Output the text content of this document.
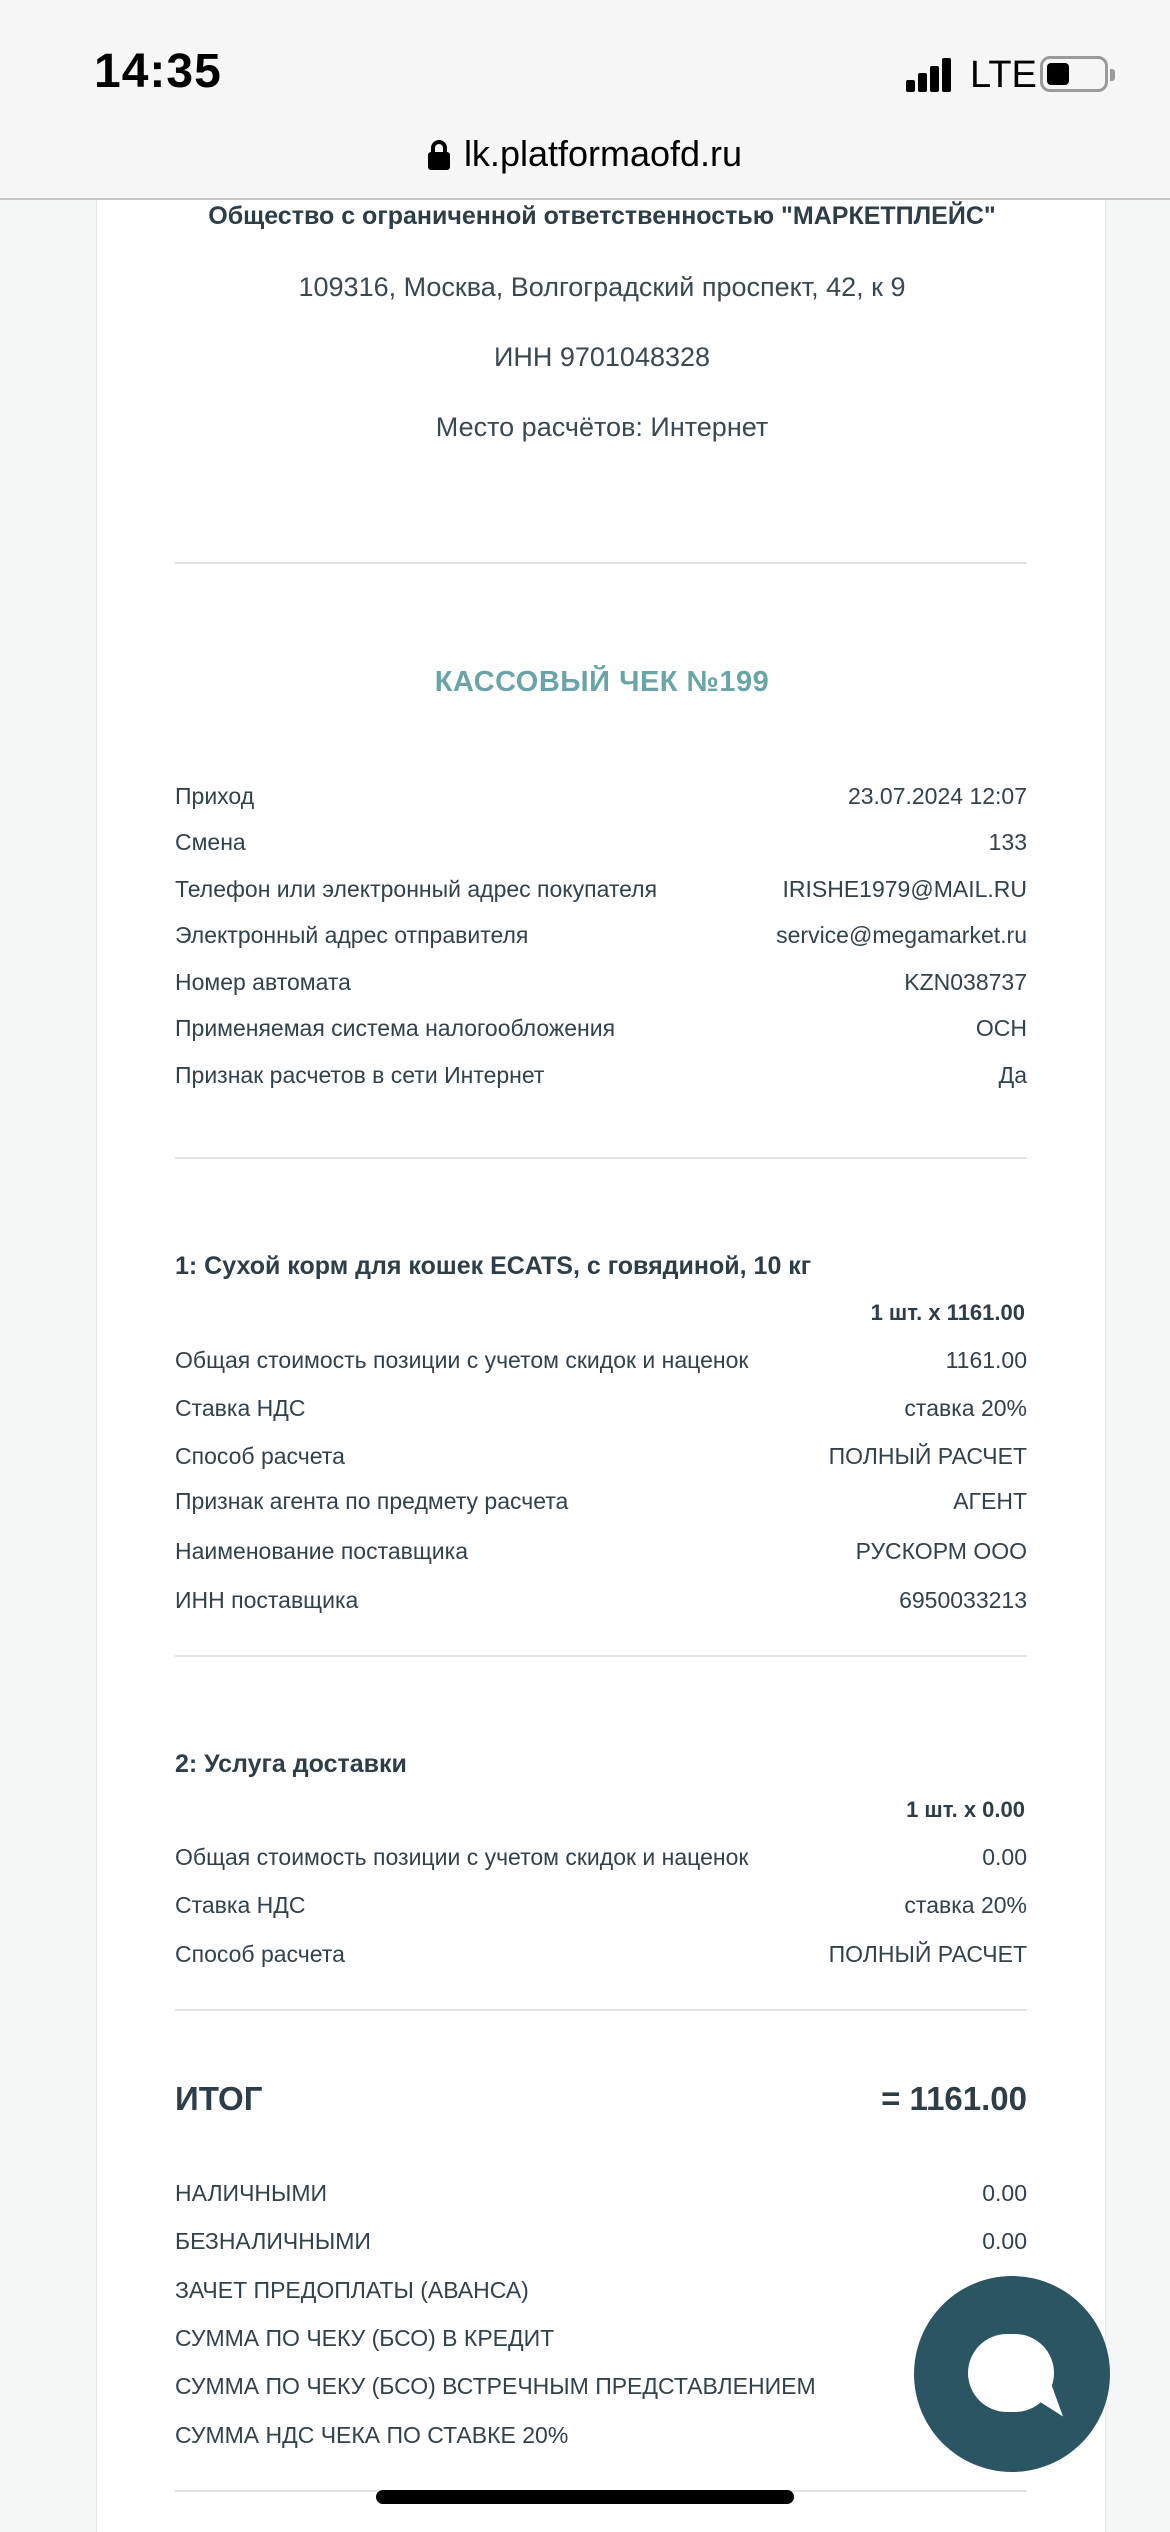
14:35	LTE
lk.platformaofd.ru
Общество с ограниченной ответственностью "МАРКЕТПЛЕЙС"
109316, Москва, Волгоградский проспект, 42, к 9
ИНН 9701048328
Место расчётов: Интернет
КАССОВЫЙ ЧЕК №199
Приход	23.07.2024 12:07
Смена	133
Телефон или электронный адрес покупателя	IRISHE1979@MAIL.RU
Электронный адрес отправителя	service@megamarket.ru
Номер автомата	KZN038737
Применяемая система налогообложения	ОСН
Признак расчетов в сети Интернет	Да
1: Сухой корм для кошек ECATS, с говядиной, 10 кг
1 шт. x 1161.00
Общая стоимость позиции с учетом скидок и наценок	1161.00
Ставка НДС	ставка 20%
Способ расчета	ПОЛНЫЙ РАСЧЕТ
Признак агента по предмету расчета	АГЕНТ
Наименование поставщика	РУСКОРМ ООО
ИНН поставщика	6950033213
2: Услуга доставки
1 шт. x 0.00
Общая стоимость позиции с учетом скидок и наценок	0.00
Ставка НДС	ставка 20%
Способ расчета	ПОЛНЫЙ РАСЧЕТ
ИТОГ	= 1161.00
НАЛИЧНЫМИ	0.00
БЕЗНАЛИЧНЫМИ	0.00
ЗАЧЕТ ПРЕДОПЛАТЫ (АВАНСА)
СУММА ПО ЧЕКУ (БСО) В КРЕДИТ
СУММА ПО ЧЕКУ (БСО) ВСТРЕЧНЫМ ПРЕДСТАВЛЕНИЕМ
СУММА НДС ЧЕКА ПО СТАВКЕ 20%
